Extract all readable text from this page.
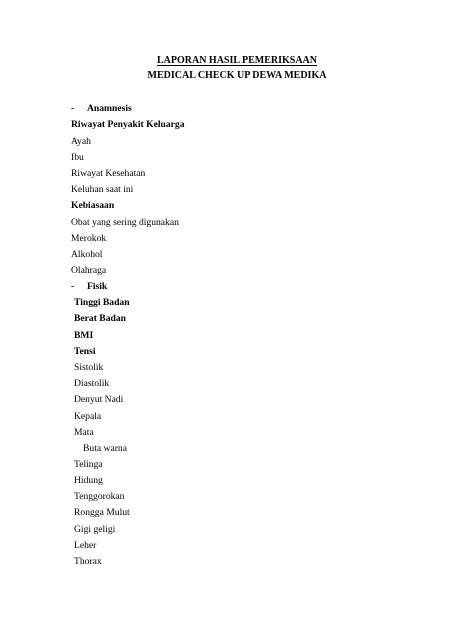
LAPORAN HASIL PEMERIKSAAN
MEDICAL CHECK UP DEWA MEDIKA
- Anamnesis
Riwayat Penyakit Keluarga
Ayah
Ibu
Riwayat Kesehatan
Keluhan saat ini
Kebiasaan
Obat yang sering digunakan
Merokok
Alkohol
Olahraga
- Fisik
Tinggi Badan
Berat Badan
BMI
Tensi
Sistolik
Diastolik
Denyut Nadi
Kepala
Mata
Buta warna
Telinga
Hidung
Tenggorokan
Rongga Mulut
Gigi geligi
Leher
Thorax
